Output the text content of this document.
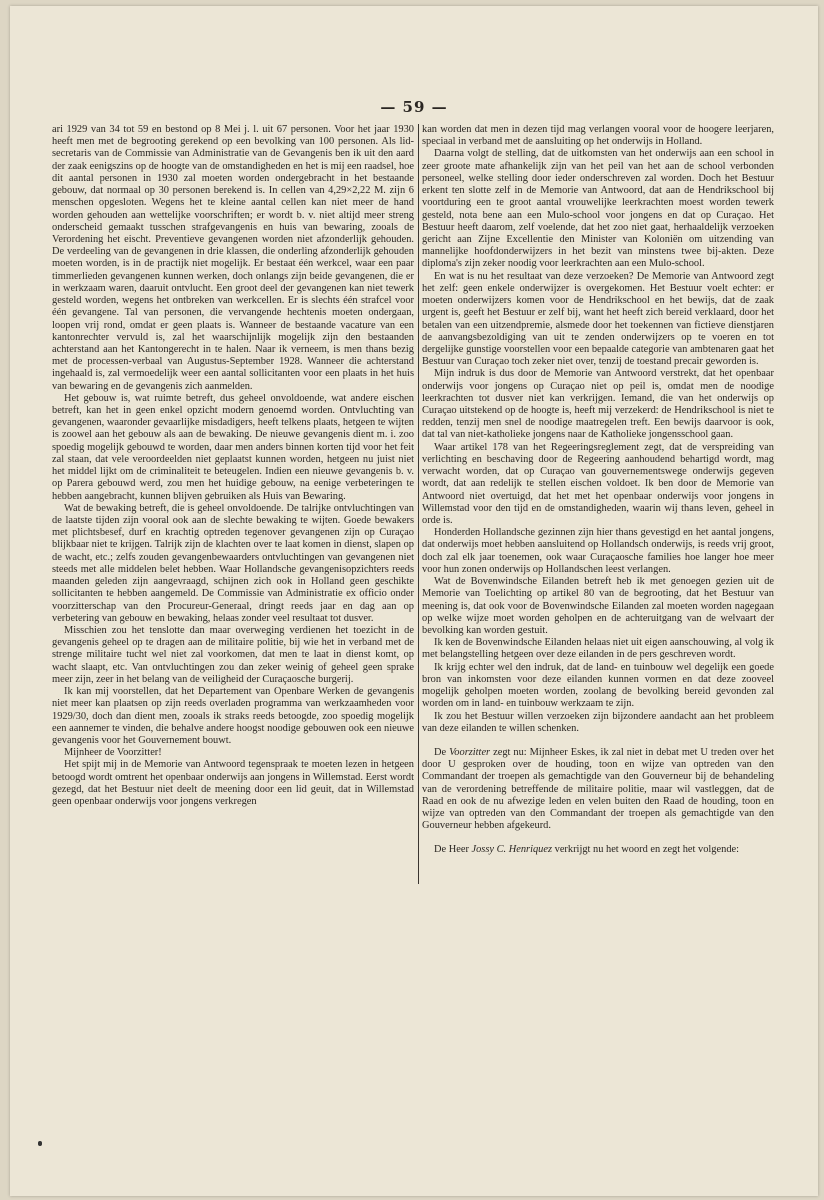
— 59 —

ari 1929 van 34 tot 59 en bestond op 8 Mei j. l. uit 67 personen. Voor het jaar 1930 heeft men met de begrooting gerekend op een bevolking van 100 personen. Als lid-secretaris van de Commissie van Administratie van de Gevangenis ben ik uit den aard der zaak eenigszins op de hoogte van de omstandigheden en het is mij een raadsel, hoe dit aantal personen in 1930 zal moeten worden ondergebracht in het bestaande gebouw, dat normaal op 30 personen berekend is. In cellen van 4,29×2,22 M. zijn 6 menschen opgesloten. Wegens het te kleine aantal cellen kan niet meer de hand worden gehouden aan wettelijke voorschriften; er wordt b. v. niet altijd meer streng onderscheid gemaakt tusschen strafgevangenis en huis van bewaring, zooals de Verordening het eischt. Preventieve gevangenen worden niet afzonderlijk gehouden. De verdeeling van de gevangenen in drie klassen, die onderling afzonderlijk gehouden moeten worden, is in de practijk niet mogelijk. Er bestaat één werkcel, waar een paar timmerlieden gevangenen kunnen werken, doch onlangs zijn beide gevangenen, die er in werkzaam waren, daaruit ontvlucht. Een groot deel der gevangenen kan niet tewerk gesteld worden, wegens het ontbreken van werkcellen. Er is slechts één strafcel voor één gevangene. Tal van personen, die vervangende hechtenis moeten ondergaan, loopen vrij rond, omdat er geen plaats is. Wanneer de bestaande vacature van een kantonrechter vervuld is, zal het waarschijnlijk mogelijk zijn den bestaanden achterstand aan het Kantongerecht in te halen. Naar ik verneem, is men thans bezig met de processen-verbaal van Augustus-September 1928. Wanneer die achterstand ingehaald is, zal vermoedelijk weer een aantal sollicitanten voor een plaats in het huis van bewaring en de gevangenis zich aanmelden.

Het gebouw is, wat ruimte betreft, dus geheel onvoldoende, wat andere eischen betreft, kan het in geen enkel opzicht modern genoemd worden. Ontvluchting van gevangenen, waaronder gevaarlijke misdadigers, heeft telkens plaats, hetgeen te wijten is zoowel aan het gebouw als aan de bewaking. De nieuwe gevangenis dient m. i. zoo spoedig mogelijk gebouwd te worden, daar men anders binnen korten tijd voor het feit zal staan, dat vele veroordeelden niet geplaatst kunnen worden, hetgeen nu juist niet het middel lijkt om de criminaliteit te beteugelen. Indien een nieuwe gevangenis b. v. op Parera gebouwd werd, zou men het huidige gebouw, na eenige verbeteringen te hebben aangebracht, kunnen blijven gebruiken als Huis van Bewaring.

Wat de bewaking betreft, die is geheel onvoldoende. De talrijke ontvluchtingen van de laatste tijden zijn vooral ook aan de slechte bewaking te wijten. Goede bewakers met plichtsbesef, durf en krachtig optreden tegenover gevangenen zijn op Curaçao blijkbaar niet te krijgen. Talrijk zijn de klachten over te laat komen in dienst, slapen op de wacht, etc.; zelfs zouden gevangenbewaarders ontvluchtingen van gevangenen niet steeds met alle middelen belet hebben. Waar Hollandsche gevangenisopzichters reeds maanden geleden zijn aangevraagd, schijnen zich ook in Holland geen geschikte sollicitanten te hebben aangemeld. De Commissie van Administratie ex officio onder voorzitterschap van den Procureur-Generaal, dringt reeds jaar en dag aan op verbetering van gebouw en bewaking, helaas zonder veel resultaat tot dusver.

Misschien zou het tenslotte dan maar overweging verdienen het toezicht in de gevangenis geheel op te dragen aan de militaire politie, bij wie het in verband met de strenge militaire tucht wel niet zal voorkomen, dat men te laat in dienst komt, op wacht slaapt, etc. Van ontvluchtingen zou dan zeker weinig of geheel geen sprake meer zijn, zeer in het belang van de veiligheid der Curaçaosche burgerij.

Ik kan mij voorstellen, dat het Departement van Openbare Werken de gevangenis niet meer kan plaatsen op zijn reeds overladen programma van werkzaamheden voor 1929/30, doch dan dient men, zooals ik straks reeds betoogde, zoo spoedig mogelijk een aannemer te vinden, die behalve andere hoogst noodige gebouwen ook een nieuwe gevangenis voor het Gouvernement bouwt.

Mijnheer de Voorzitter!

Het spijt mij in de Memorie van Antwoord tegenspraak te moeten lezen in hetgeen betoogd wordt omtrent het openbaar onderwijs aan jongens in Willemstad. Eerst wordt gezegd, dat het Bestuur niet deelt de meening door een lid geuit, dat in Willemstad geen openbaar onderwijs voor jongens verkregen

kan worden dat men in dezen tijd mag verlangen vooral voor de hoogere leerjaren, speciaal in verband met de aansluiting op het onderwijs in Holland.

Daarna volgt de stelling, dat de uitkomsten van het onderwijs aan een school in zeer groote mate afhankelijk zijn van het peil van het aan de school verbonden personeel, welke stelling door ieder onderschreven zal worden. Doch het Bestuur erkent ten slotte zelf in de Memorie van Antwoord, dat aan de Hendrikschool bij voortduring een te groot aantal vrouwelijke leerkrachten moest worden tewerk gesteld, nota bene aan een Mulo-school voor jongens en dat op Curaçao. Het Bestuur heeft daarom, zelf voelende, dat het zoo niet gaat, herhaaldelijk verzoeken gericht aan Zijne Excellentie den Minister van Koloniën om uitzending van mannelijke hoofdonderwijzers in het bezit van minstens twee bij-akten. Deze diploma's zijn zeker noodig voor leerkrachten aan een Mulo-school.

En wat is nu het resultaat van deze verzoeken? De Memorie van Antwoord zegt het zelf: geen enkele onderwijzer is overgekomen. Het Bestuur voelt echter: er moeten onderwijzers komen voor de Hendrikschool en het bewijs, dat de zaak urgent is, geeft het Bestuur er zelf bij, want het heeft zich bereid verklaard, door het betalen van een uitzendpremie, alsmede door het toekennen van fictieve dienstjaren de aanvangsbezoldiging van uit te zenden onderwijzers op te voeren en tot dergelijke gunstige voorstellen voor een bepaalde categorie van ambtenaren gaat het Bestuur van Curaçao toch zeker niet over, tenzij de toestand precair geworden is.

Mijn indruk is dus door de Memorie van Antwoord verstrekt, dat het openbaar onderwijs voor jongens op Curaçao niet op peil is, omdat men de noodige leerkrachten tot dusver niet kan verkrijgen. Iemand, die van het onderwijs op Curaçao uitstekend op de hoogte is, heeft mij verzekerd: de Hendrikschool is niet te redden, tenzij men snel de noodige maatregelen treft. Een bewijs daarvoor is ook, dat tal van niet-katholieke jongens naar de Katholieke jongensschool gaan.

Waar artikel 178 van het Regeeringsreglement zegt, dat de verspreiding van verlichting en beschaving door de Regeering aanhoudend behartigd wordt, mag verwacht worden, dat op Curaçao van gouvernementswege onderwijs gegeven wordt, dat aan redelijk te stellen eischen voldoet. Ik ben door de Memorie van Antwoord niet overtuigd, dat het met het openbaar onderwijs voor jongens in Willemstad voor den tijd en de omstandigheden, waarin wij thans leven, geheel in orde is.

Honderden Hollandsche gezinnen zijn hier thans gevestigd en het aantal jongens, dat onderwijs moet hebben aansluitend op Hollandsch onderwijs, is reeds vrij groot, doch zal elk jaar toenemen, ook waar Curaçaosche families hoe langer hoe meer voor hun zonen onderwijs op Hollandschen leest verlangen.

Wat de Bovenwindsche Eilanden betreft heb ik met genoegen gezien uit de Memorie van Toelichting op artikel 80 van de begrooting, dat het Bestuur van meening is, dat ook voor de Bovenwindsche Eilanden zal moeten worden nagegaan op welke wijze moet worden geholpen en de achteruitgang van de welvaart der bevolking kan worden gestuit.

Ik ken de Bovenwindsche Eilanden helaas niet uit eigen aanschouwing, al volg ik met belangstelling hetgeen over deze eilanden in de pers geschreven wordt.

Ik krijg echter wel den indruk, dat de land- en tuinbouw wel degelijk een goede bron van inkomsten voor deze eilanden kunnen vormen en dat deze zooveel mogelijk geholpen moeten worden, zoolang de bevolking bereid gevonden zal worden om in land- en tuinbouw werkzaam te zijn.

Ik zou het Bestuur willen verzoeken zijn bijzondere aandacht aan het probleem van deze eilanden te willen schenken.

De Voorzitter zegt nu: Mijnheer Eskes, ik zal niet in debat met U treden over het door U gesproken over de houding, toon en wijze van optreden van den Commandant der troepen als gemachtigde van den Gouverneur bij de behandeling van de verordening betreffende de militaire politie, maar wil vastleggen, dat de Raad en ook de nu afwezige leden en velen buiten den Raad de houding, toon en wijze van optreden van den Commandant der troepen als gemachtigde van den Gouverneur hebben afgekeurd.

De Heer Jossy C. Henriquez verkrijgt nu het woord en zegt het volgende:
